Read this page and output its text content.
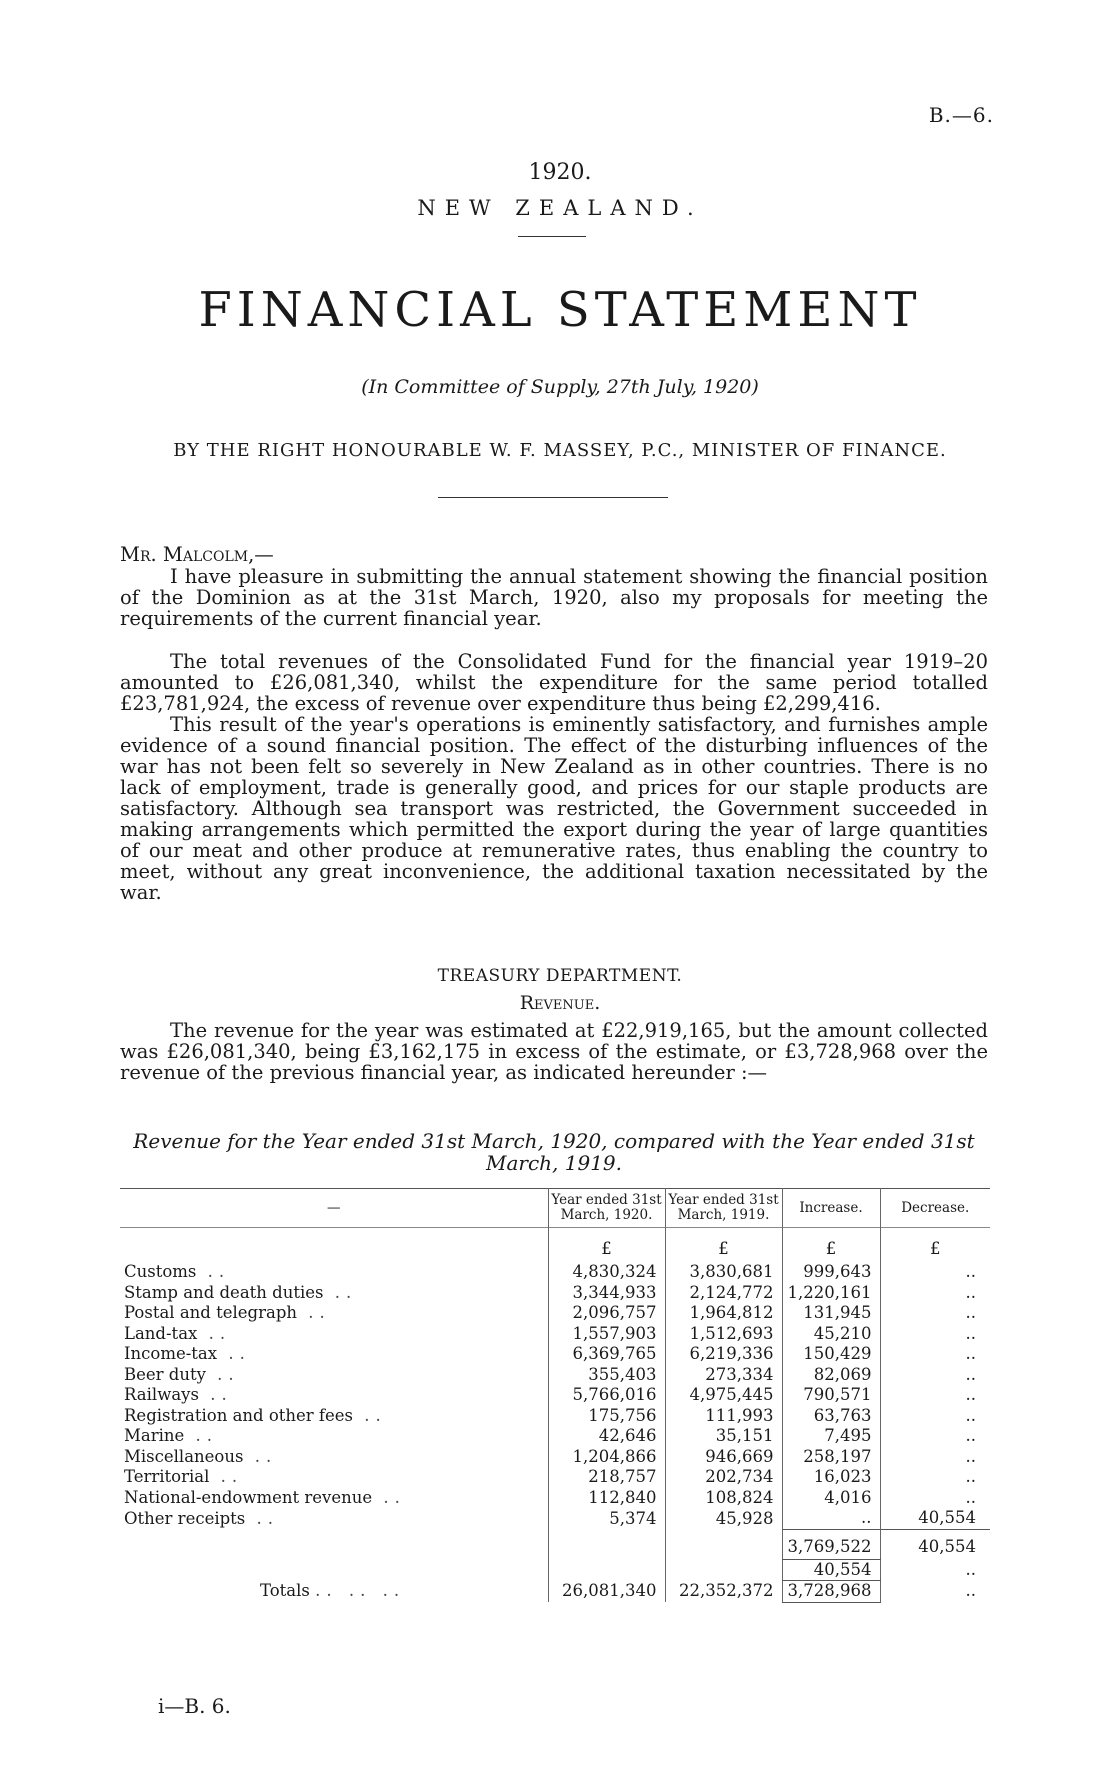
B.—6.
1920.
NEW ZEALAND.
FINANCIAL STATEMENT
(In Committee of Supply, 27th July, 1920)
BY THE RIGHT HONOURABLE W. F. MASSEY, P.C., MINISTER OF FINANCE.
Mr. Malcolm,—

I have pleasure in submitting the annual statement showing the financial position of the Dominion as at the 31st March, 1920, also my proposals for meeting the requirements of the current financial year.

The total revenues of the Consolidated Fund for the financial year 1919–20 amounted to £26,081,340, whilst the expenditure for the same period totalled £23,781,924, the excess of revenue over expenditure thus being £2,299,416.

This result of the year's operations is eminently satisfactory, and furnishes ample evidence of a sound financial position. The effect of the disturbing influences of the war has not been felt so severely in New Zealand as in other countries. There is no lack of employment, trade is generally good, and prices for our staple products are satisfactory. Although sea transport was restricted, the Government succeeded in making arrangements which permitted the export during the year of large quantities of our meat and other produce at remunerative rates, thus enabling the country to meet, without any great inconvenience, the additional taxation necessitated by the war.

TREASURY DEPARTMENT.
Revenue.

The revenue for the year was estimated at £22,919,165, but the amount collected was £26,081,340, being £3,162,175 in excess of the estimate, or £3,728,968 over the revenue of the previous financial year, as indicated hereunder :—

Revenue for the Year ended 31st March, 1920, compared with the Year ended 31st March, 1919.
—	Year ended 31st March, 1920.	Year ended 31st March, 1919.	Increase.	Decrease.
	£	£	£	£
Customs ..	4,830,324	3,830,681	999,643	..
Stamp and death duties ..	3,344,933	2,124,772	1,220,161	..
Postal and telegraph ..	2,096,757	1,964,812	131,945	..
Land-tax ..	1,557,903	1,512,693	45,210	..
Income-tax ..	6,369,765	6,219,336	150,429	..
Beer duty ..	355,403	273,334	82,069	..
Railways ..	5,766,016	4,975,445	790,571	..
Registration and other fees ..	175,756	111,993	63,763	..
Marine ..	42,646	35,151	7,495	..
Miscellaneous ..	1,204,866	946,669	258,197	..
Territorial ..	218,757	202,734	16,023	..
National-endowment revenue ..	112,840	108,824	4,016	..
Other receipts ..	5,374	45,928	..	40,554
			3,769,522	40,554
			40,554	..
Totals .. .. ..	26,081,340	22,352,372	3,728,968	..
i—B. 6.
